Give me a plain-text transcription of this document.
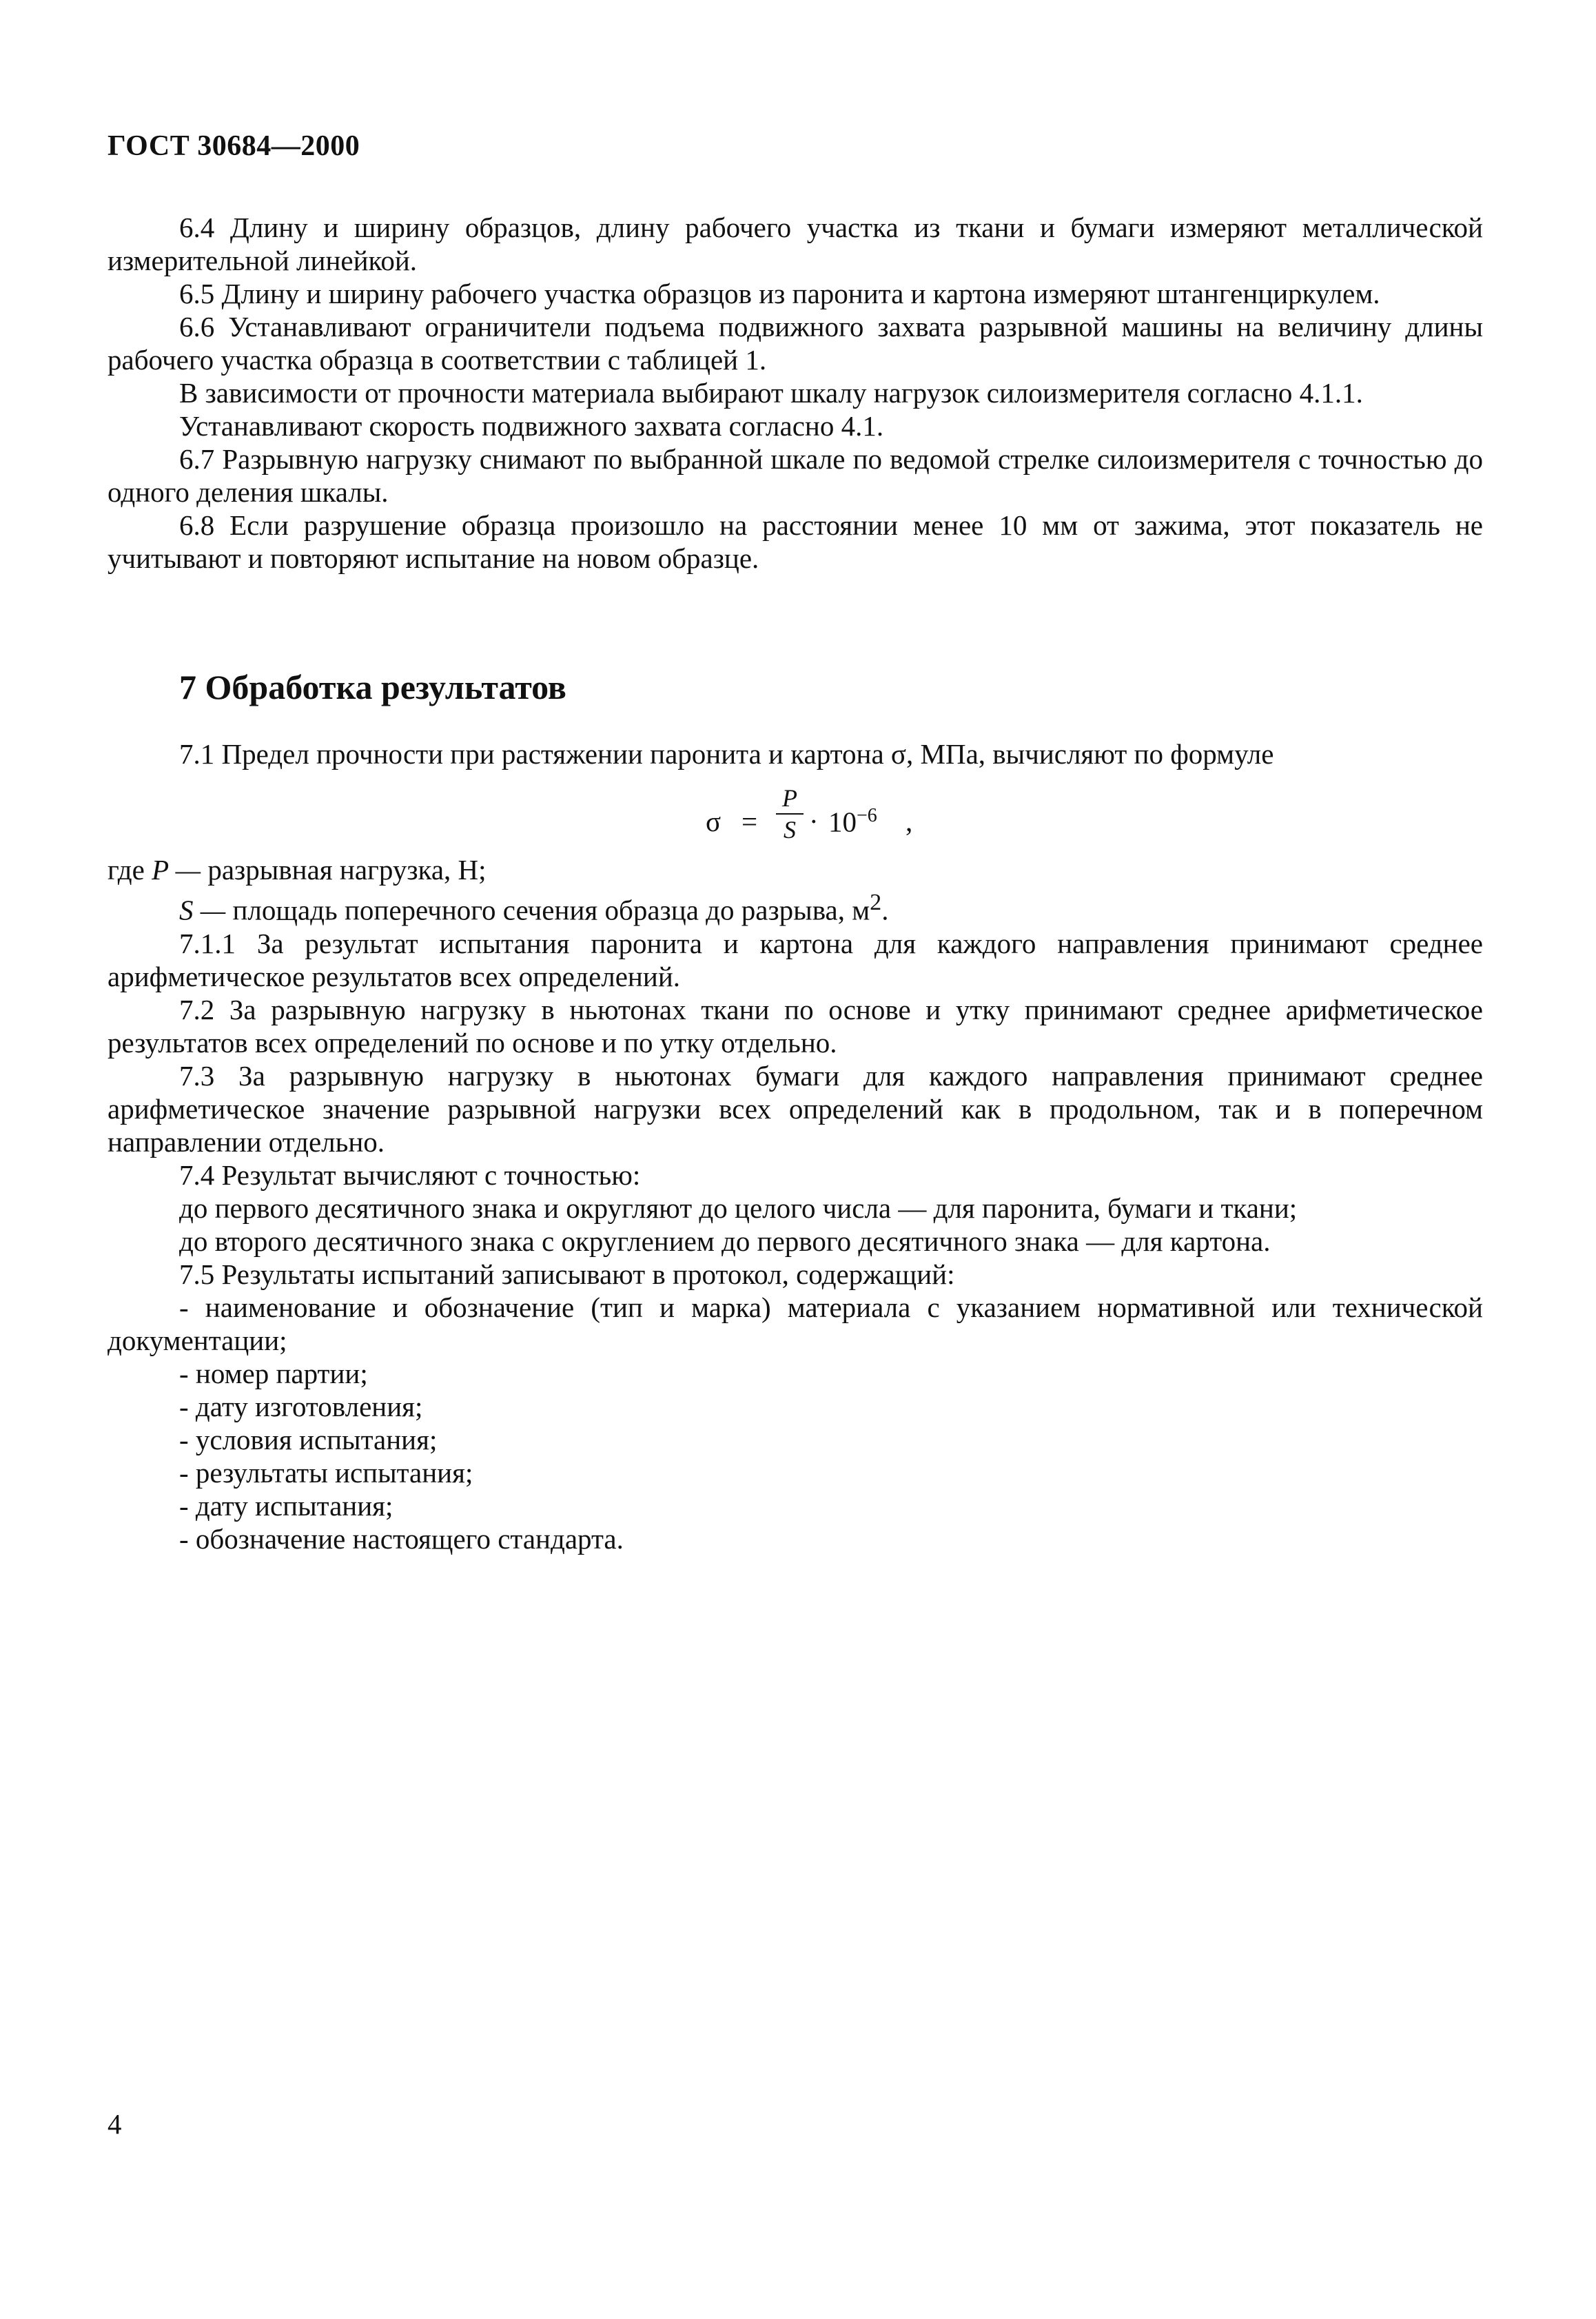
ГОСТ 30684—2000

6.4 Длину и ширину образцов, длину рабочего участка из ткани и бумаги измеряют металлической измерительной линейкой.

6.5 Длину и ширину рабочего участка образцов из паронита и картона измеряют штангенциркулем.

6.6 Устанавливают ограничители подъема подвижного захвата разрывной машины на величину длины рабочего участка образца в соответствии с таблицей 1.

В зависимости от прочности материала выбирают шкалу нагрузок силоизмерителя согласно 4.1.1.

Устанавливают скорость подвижного захвата согласно 4.1.

6.7 Разрывную нагрузку снимают по выбранной шкале по ведомой стрелке силоизмерителя с точностью до одного деления шкалы.

6.8 Если разрушение образца произошло на расстоянии менее 10 мм от зажима, этот показатель не учитывают и повторяют испытание на новом образце.

7 Обработка результатов

7.1 Предел прочности при растяжении паронита и картона σ, МПа, вычисляют по формуле

σ =
P
$S \cdot 10^{-6}$ ,

где P — разрывная нагрузка, Н;

S — площадь поперечного сечения образца до разрыва, $м^2$.

7.1.1 За результат испытания паронита и картона для каждого направления принимают среднее арифметическое результатов всех определений.

7.2 За разрывную нагрузку в ньютонах ткани по основе и утку принимают среднее арифметическое результатов всех определений по основе и по утку отдельно.

7.3 За разрывную нагрузку в ньютонах бумаги для каждого направления принимают среднее арифметическое значение разрывной нагрузки всех определений как в продольном, так и в поперечном направлении отдельно.

7.4 Результат вычисляют с точностью:

до первого десятичного знака и округляют до целого числа — для паронита, бумаги и ткани;

до второго десятичного знака с округлением до первого десятичного знака — для картона.

7.5 Результаты испытаний записывают в протокол, содержащий:

- наименование и обозначение (тип и марка) материала с указанием нормативной или технической документации;

- номер партии;

- дату изготовления;

- условия испытания;

- результаты испытания;

- дату испытания;

- обозначение настоящего стандарта.

4
